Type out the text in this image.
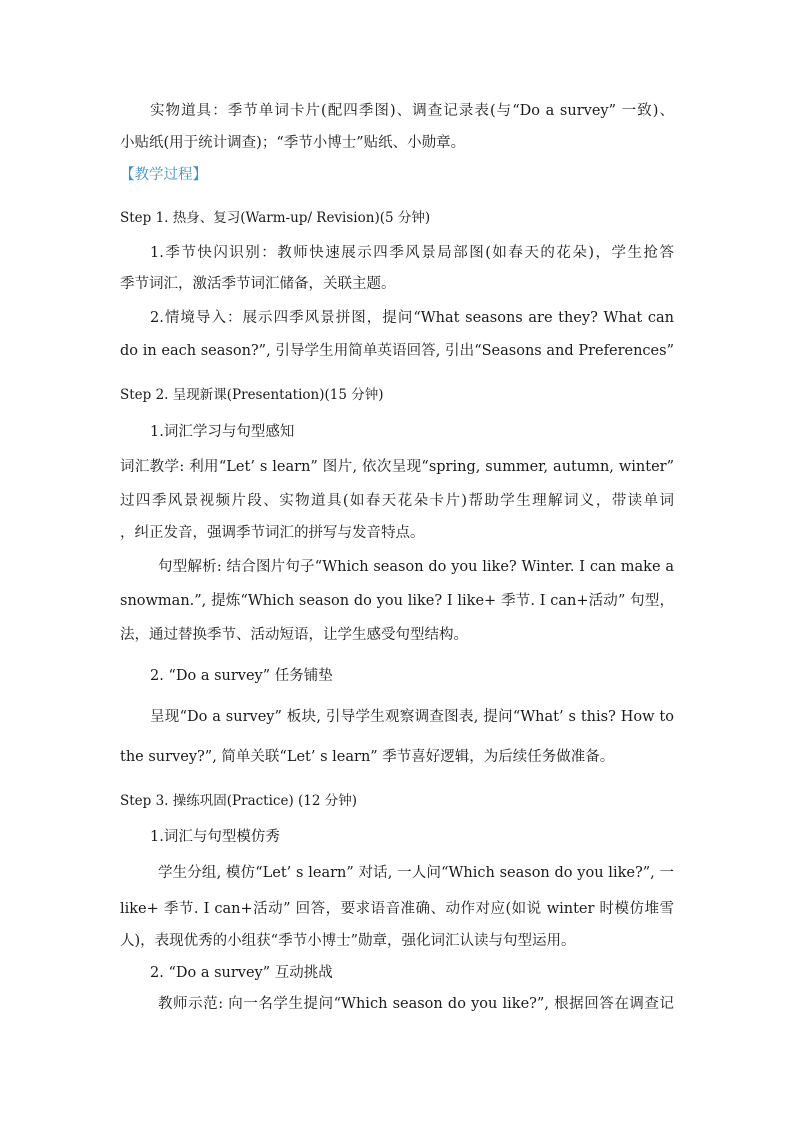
实物道具：季节单词卡片(配四季图)、调查记录表(与“Do a survey” 一致)、
小贴纸(用于统计调查)；“季节小博士”贴纸、小勋章。
【教学过程】
Step 1. 热身、复习(Warm-up/ Revision)(5 分钟)
1.季节快闪识别：教师快速展示四季风景局部图(如春天的花朵)，学生抢答
季节词汇，激活季节词汇储备，关联主题。
2.情境导入：展示四季风景拼图，提问“What seasons are they? What can
do in each season?”, 引导学生用简单英语回答, 引出“Seasons and Preferences”
Step 2. 呈现新课(Presentation)(15 分钟)
1.词汇学习与句型感知
词汇教学: 利用“Let’ s learn” 图片, 依次呈现“spring, summer, autumn, winter”
过四季风景视频片段、实物道具(如春天花朵卡片)帮助学生理解词义，带读单词
，纠正发音，强调季节词汇的拼写与发音特点。
句型解析: 结合图片句子“Which season do you like? Winter. I can make a
snowman.”, 提炼“Which season do you like? I like+ 季节. I can+活动” 句型，
法，通过替换季节、活动短语，让学生感受句型结构。
2. “Do a survey” 任务铺垫
呈现“Do a survey” 板块, 引导学生观察调查图表, 提问“What’ s this? How to
the survey?”, 简单关联“Let’ s learn” 季节喜好逻辑，为后续任务做准备。
Step 3. 操练巩固(Practice) (12 分钟)
1.词汇与句型模仿秀
学生分组, 模仿“Let’ s learn” 对话, 一人问“Which season do you like?”, 一
like+ 季节. I can+活动” 回答，要求语音准确、动作对应(如说 winter 时模仿堆雪
人)，表现优秀的小组获“季节小博士”勋章，强化词汇认读与句型运用。
2. “Do a survey” 互动挑战
教师示范: 向一名学生提问“Which season do you like?”, 根据回答在调查记
